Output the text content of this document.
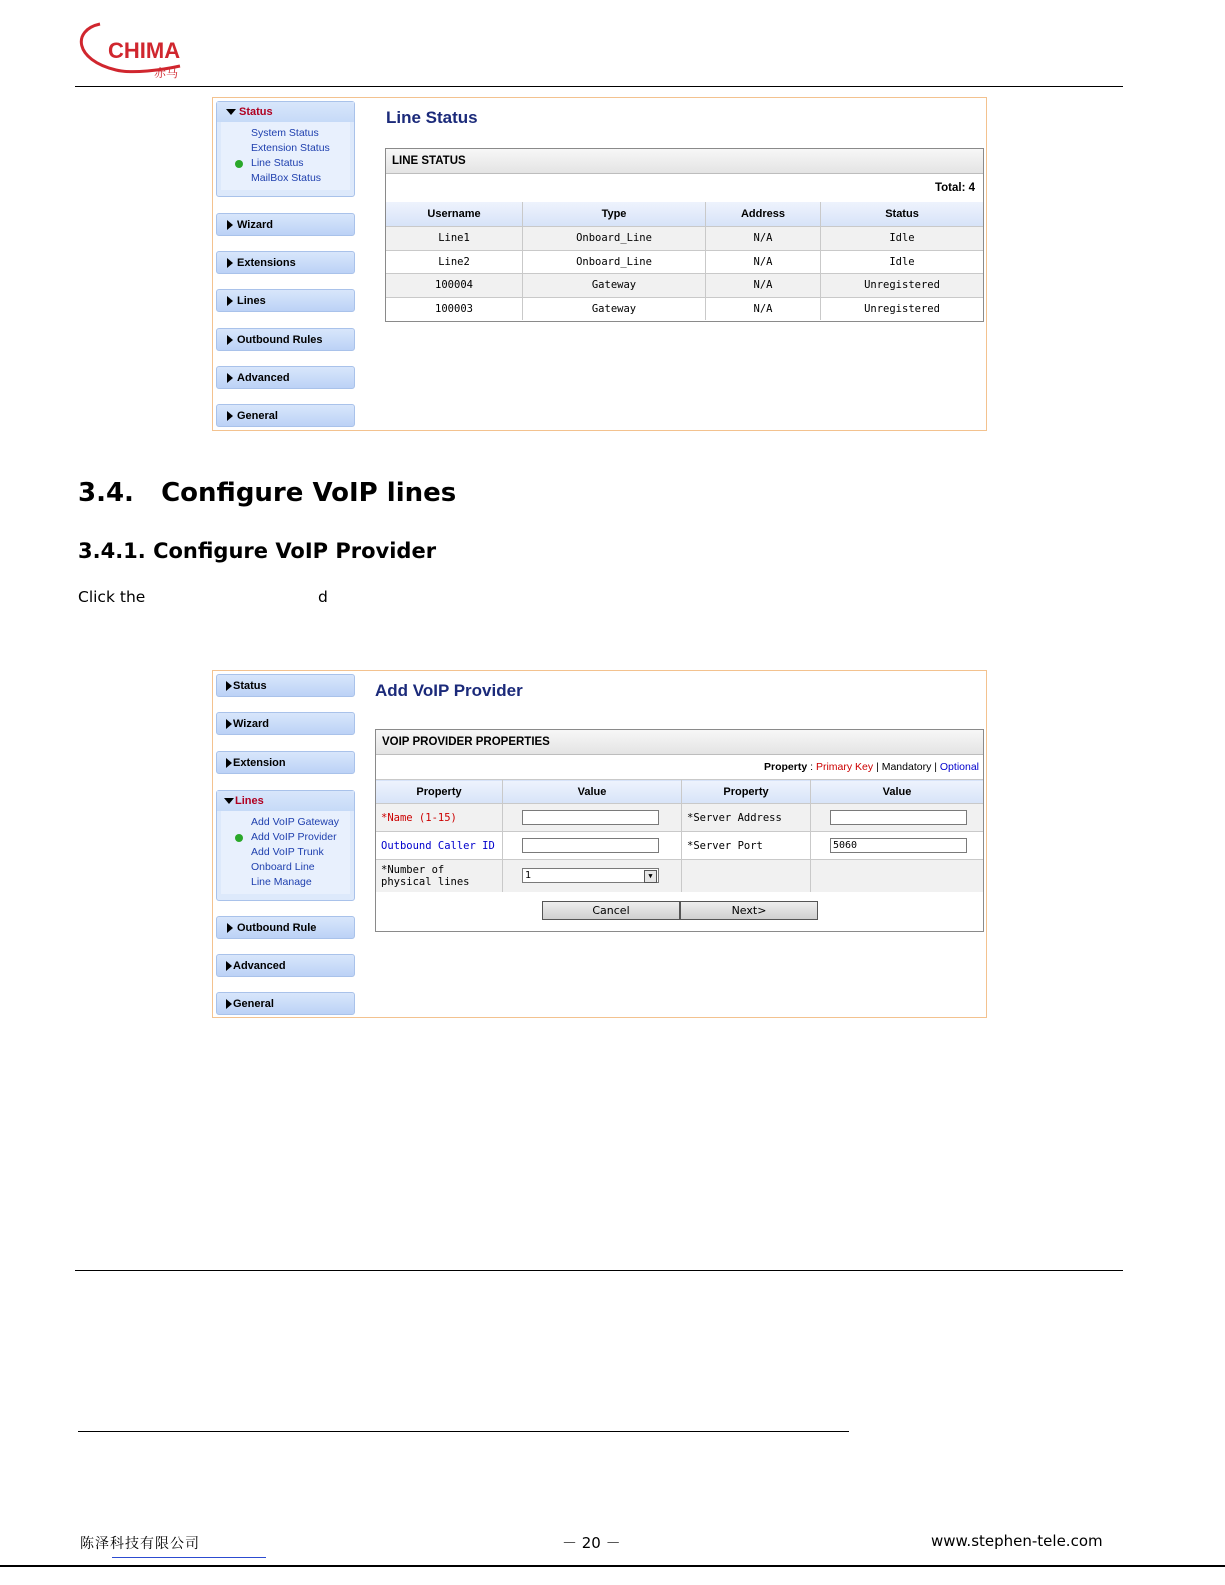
CHIMA
赤马
Status
System Status
Extension Status
Line Status
MailBox Status
Wizard
Extensions
Lines
Outbound Rules
Advanced
General
Line Status
LINE STATUS
Total: 4
Username	Type	Address	Status
Line1	Onboard_Line	N/A	Idle
Line2	Onboard_Line	N/A	Idle
100004	Gateway	N/A	Unregistered
100003	Gateway	N/A	Unregistered
3.4.   Configure VoIP lines
3.4.1. Configure VoIP Provider
Click the	d
Status
Wizard
Extension
Lines
Add VoIP Gateway
Add VoIP Provider
Add VoIP Trunk
Onboard Line
Line Manage
Outbound Rule
Advanced
General
Add VoIP Provider
VOIP PROVIDER PROPERTIES
Property : Primary Key | Mandatory | Optional
Property	Value	Property	Value
*Name (1-15)		*Server Address	

Outbound Caller ID		*Server Port	5060

*Number of physical lines	1 ▼		

Cancel	Next>
陈泽科技有限公司	－ 20 －	www.stephen-tele.com
